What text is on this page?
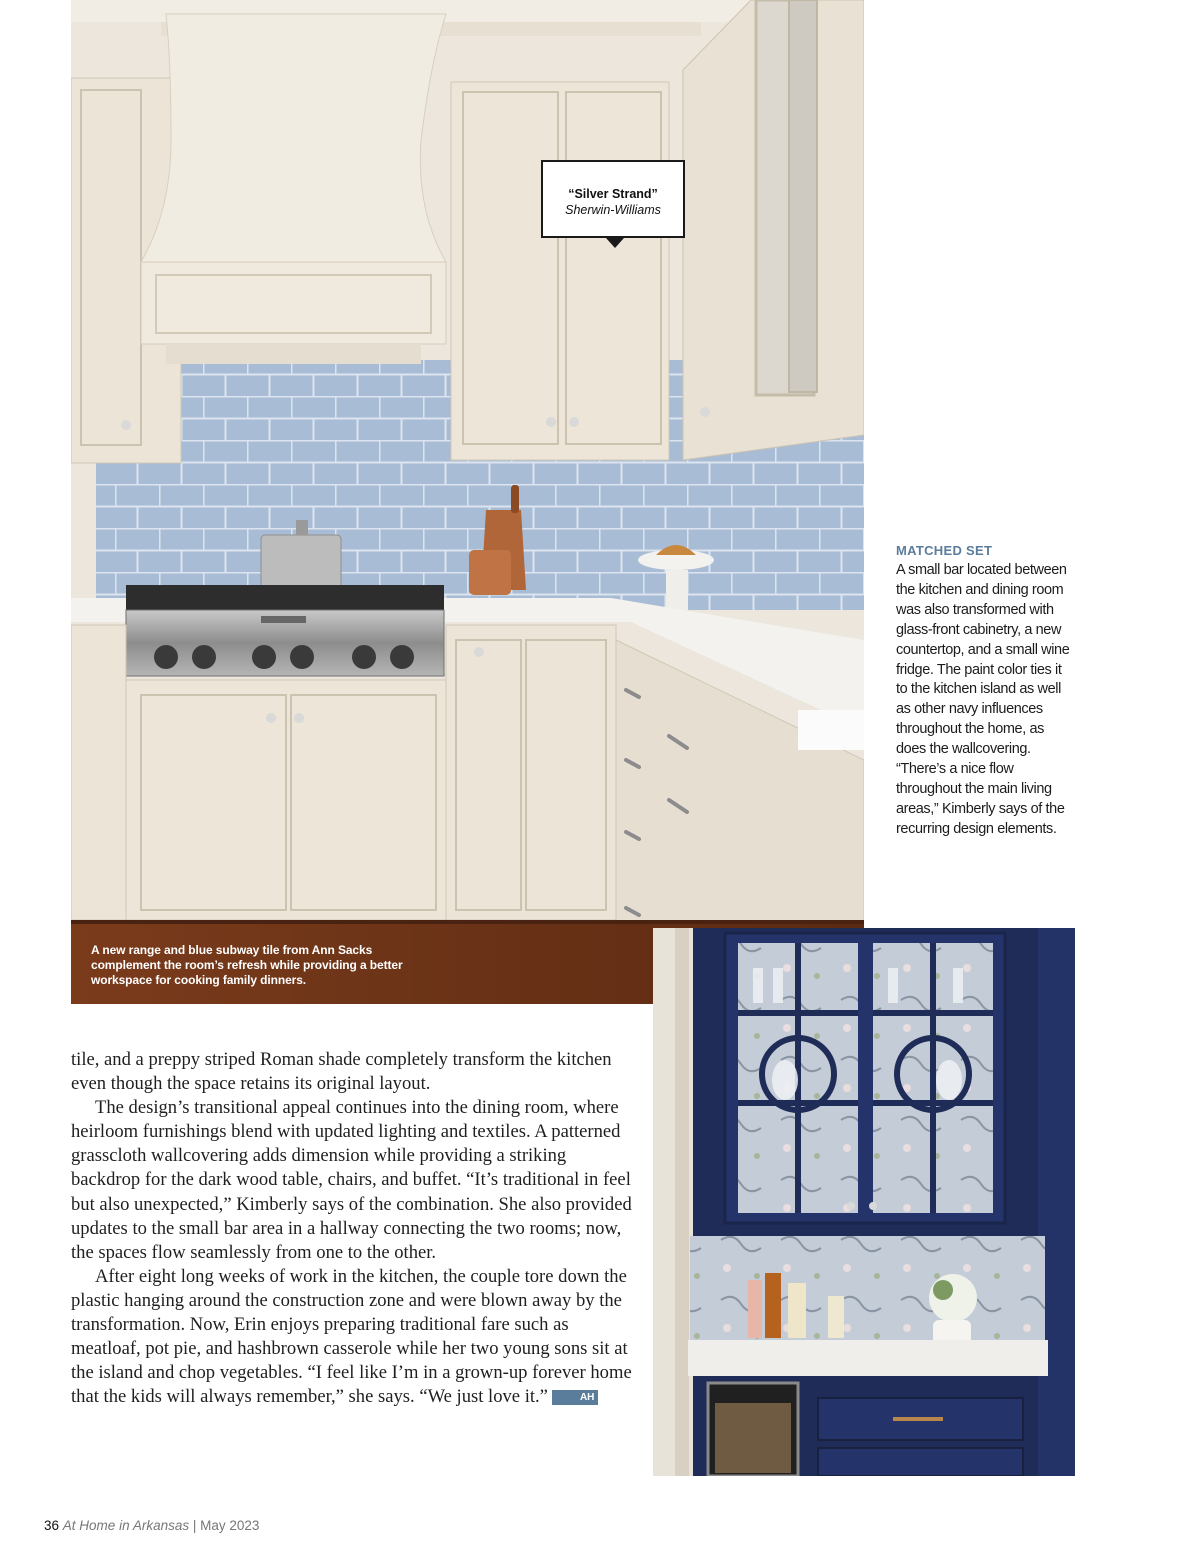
“Silver Strand”
Sherwin-Williams
A new range and blue subway tile from Ann Sacks complement the room’s refresh while providing a better workspace for cooking family dinners.
MATCHED SET
A small bar located between the kitchen and dining room was also transformed with glass-front cabinetry, a new countertop, and a small wine fridge. The paint color ties it to the kitchen island as well as other navy influences throughout the home, as does the wallcovering. “There’s a nice flow throughout the main living areas,” Kimberly says of the recurring design elements.

tile, and a preppy striped Roman shade completely transform the kitchen even though the space retains its original layout.

The design’s transitional appeal continues into the dining room, where heirloom furnishings blend with updated lighting and textiles. A patterned grasscloth wallcovering adds dimension while providing a striking backdrop for the dark wood table, chairs, and buffet. “It’s traditional in feel but also unexpected,” Kimberly says of the combination. She also provided updates to the small bar area in a hallway connecting the two rooms; now, the spaces flow seamlessly from one to the other.

After eight long weeks of work in the kitchen, the couple tore down the plastic hanging around the construction zone and were blown away by the transformation. Now, Erin enjoys preparing traditional fare such as meatloaf, pot pie, and hashbrown casserole while her two young sons sit at the island and chop vegetables. “I feel like I’m in a grown-up forever home that the kids will always remember,” she says. “We just love it.”	AH

36 At Home in Arkansas | May 2023
